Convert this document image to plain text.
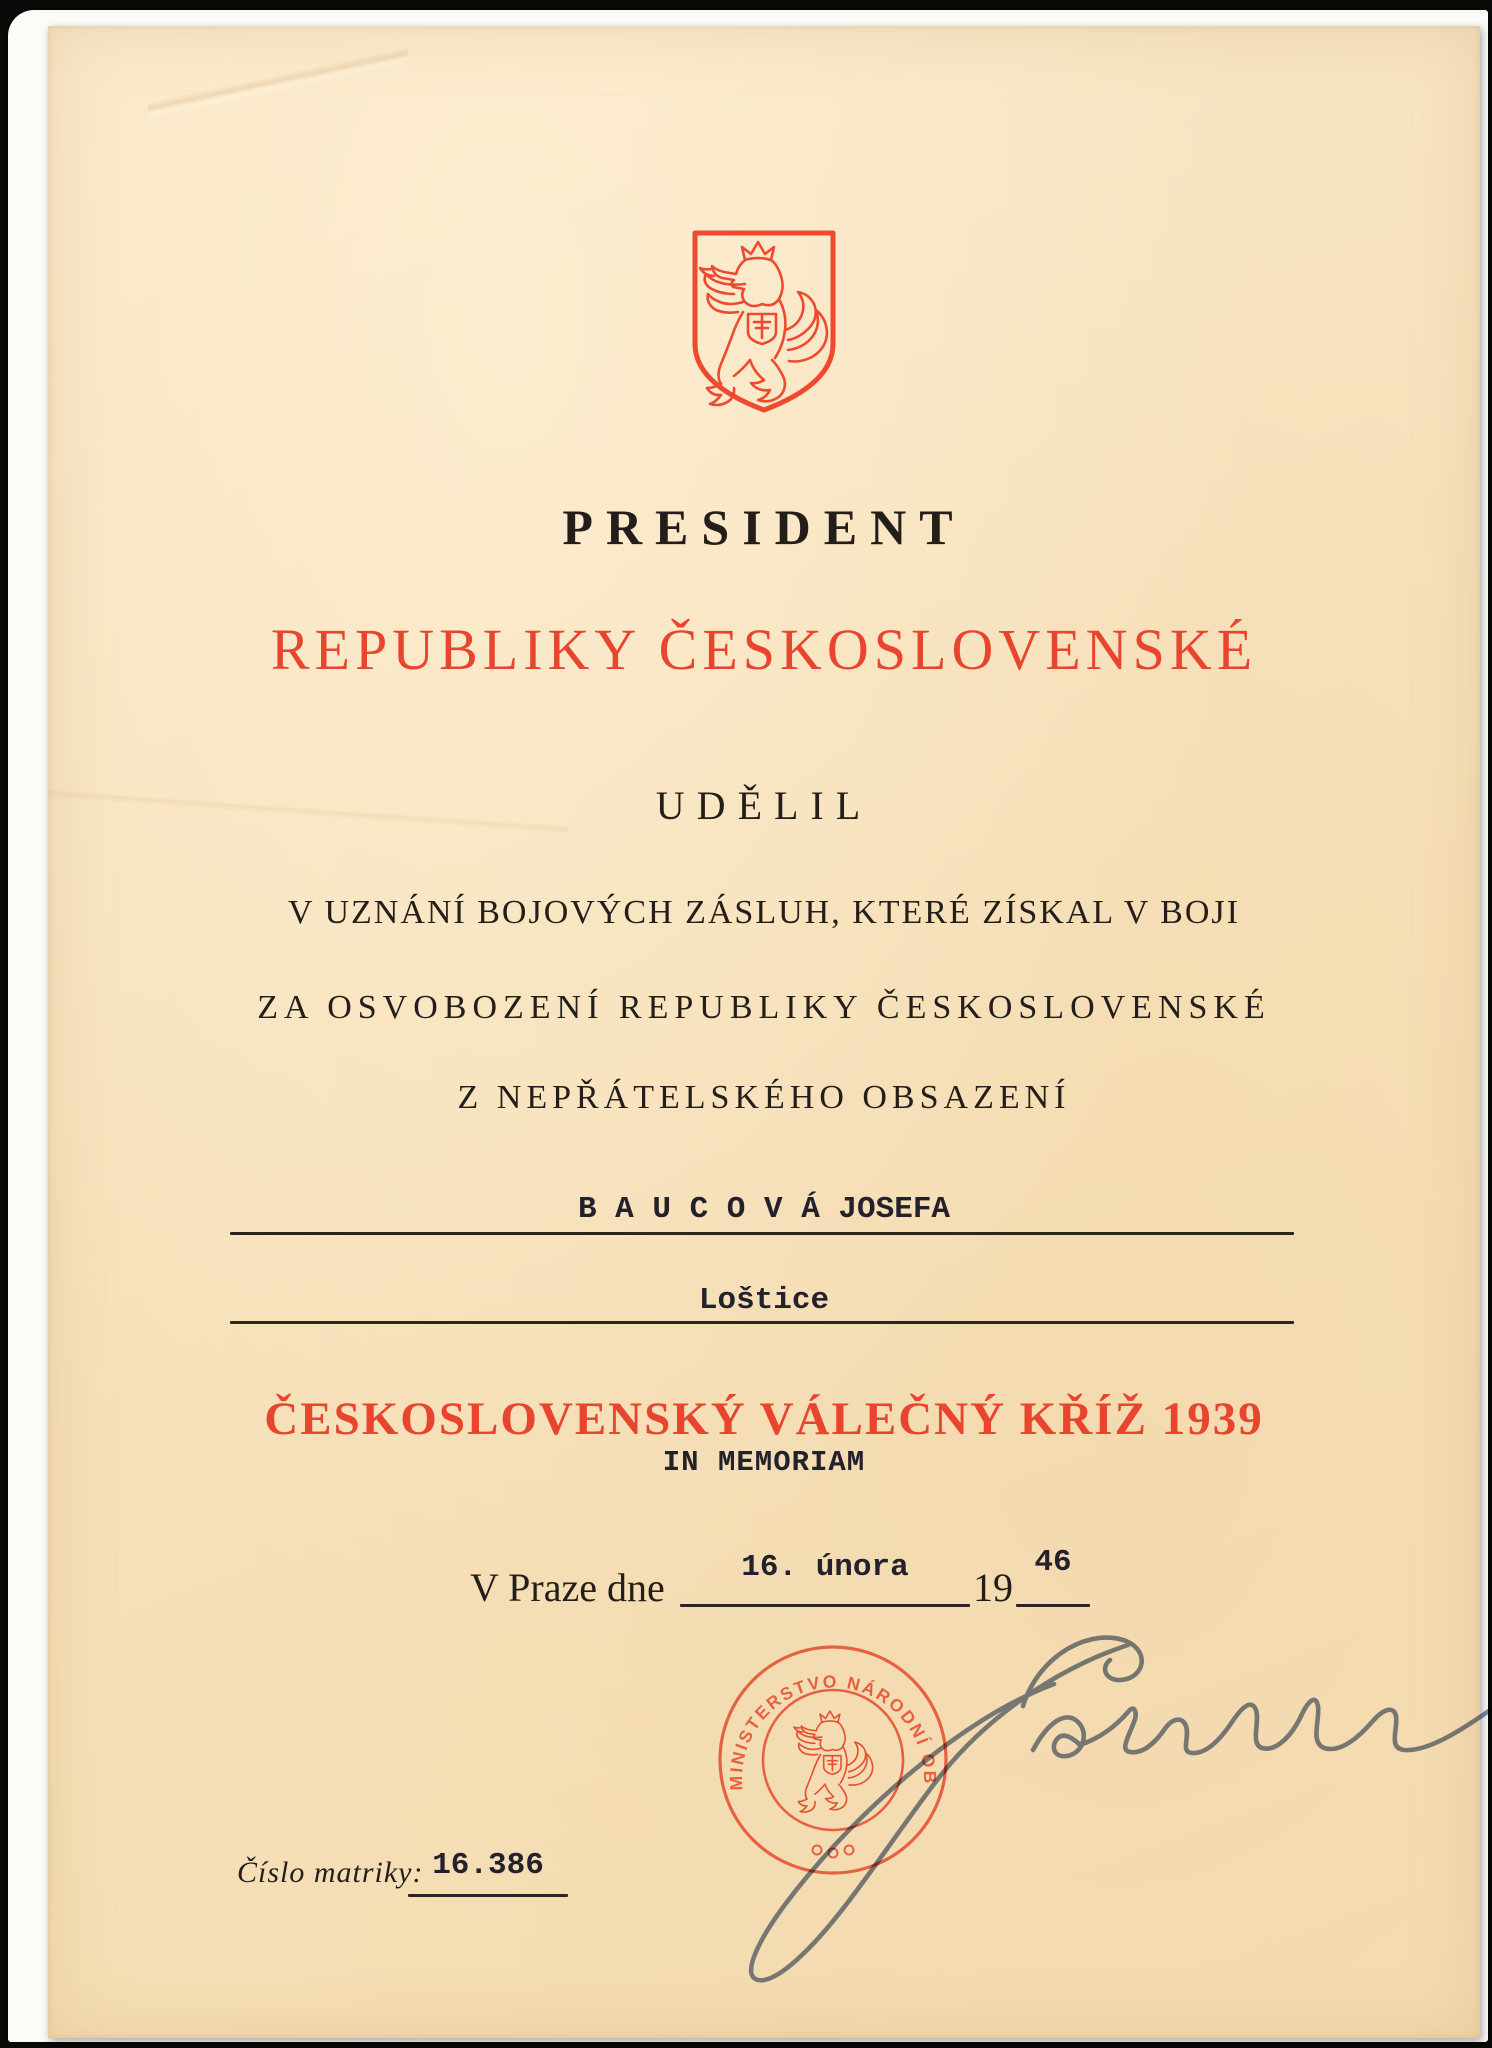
PRESIDENT
REPUBLIKY ČESKOSLOVENSKÉ
UDĚLIL
V UZNÁNÍ BOJOVÝCH ZÁSLUH, KTERÉ ZÍSKAL V BOJI
ZA OSVOBOZENÍ REPUBLIKY ČESKOSLOVENSKÉ
Z NEPŘÁTELSKÉHO OBSAZENÍ
B A U C O V Á JOSEFA
Loštice
ČESKOSLOVENSKÝ VÁLEČNÝ KŘÍŽ 1939
IN MEMORIAM
V Praze dne	16. února	19
46
MINISTERSTVO NÁRODNÍ OBRANY
Číslo matriky: 16.386
